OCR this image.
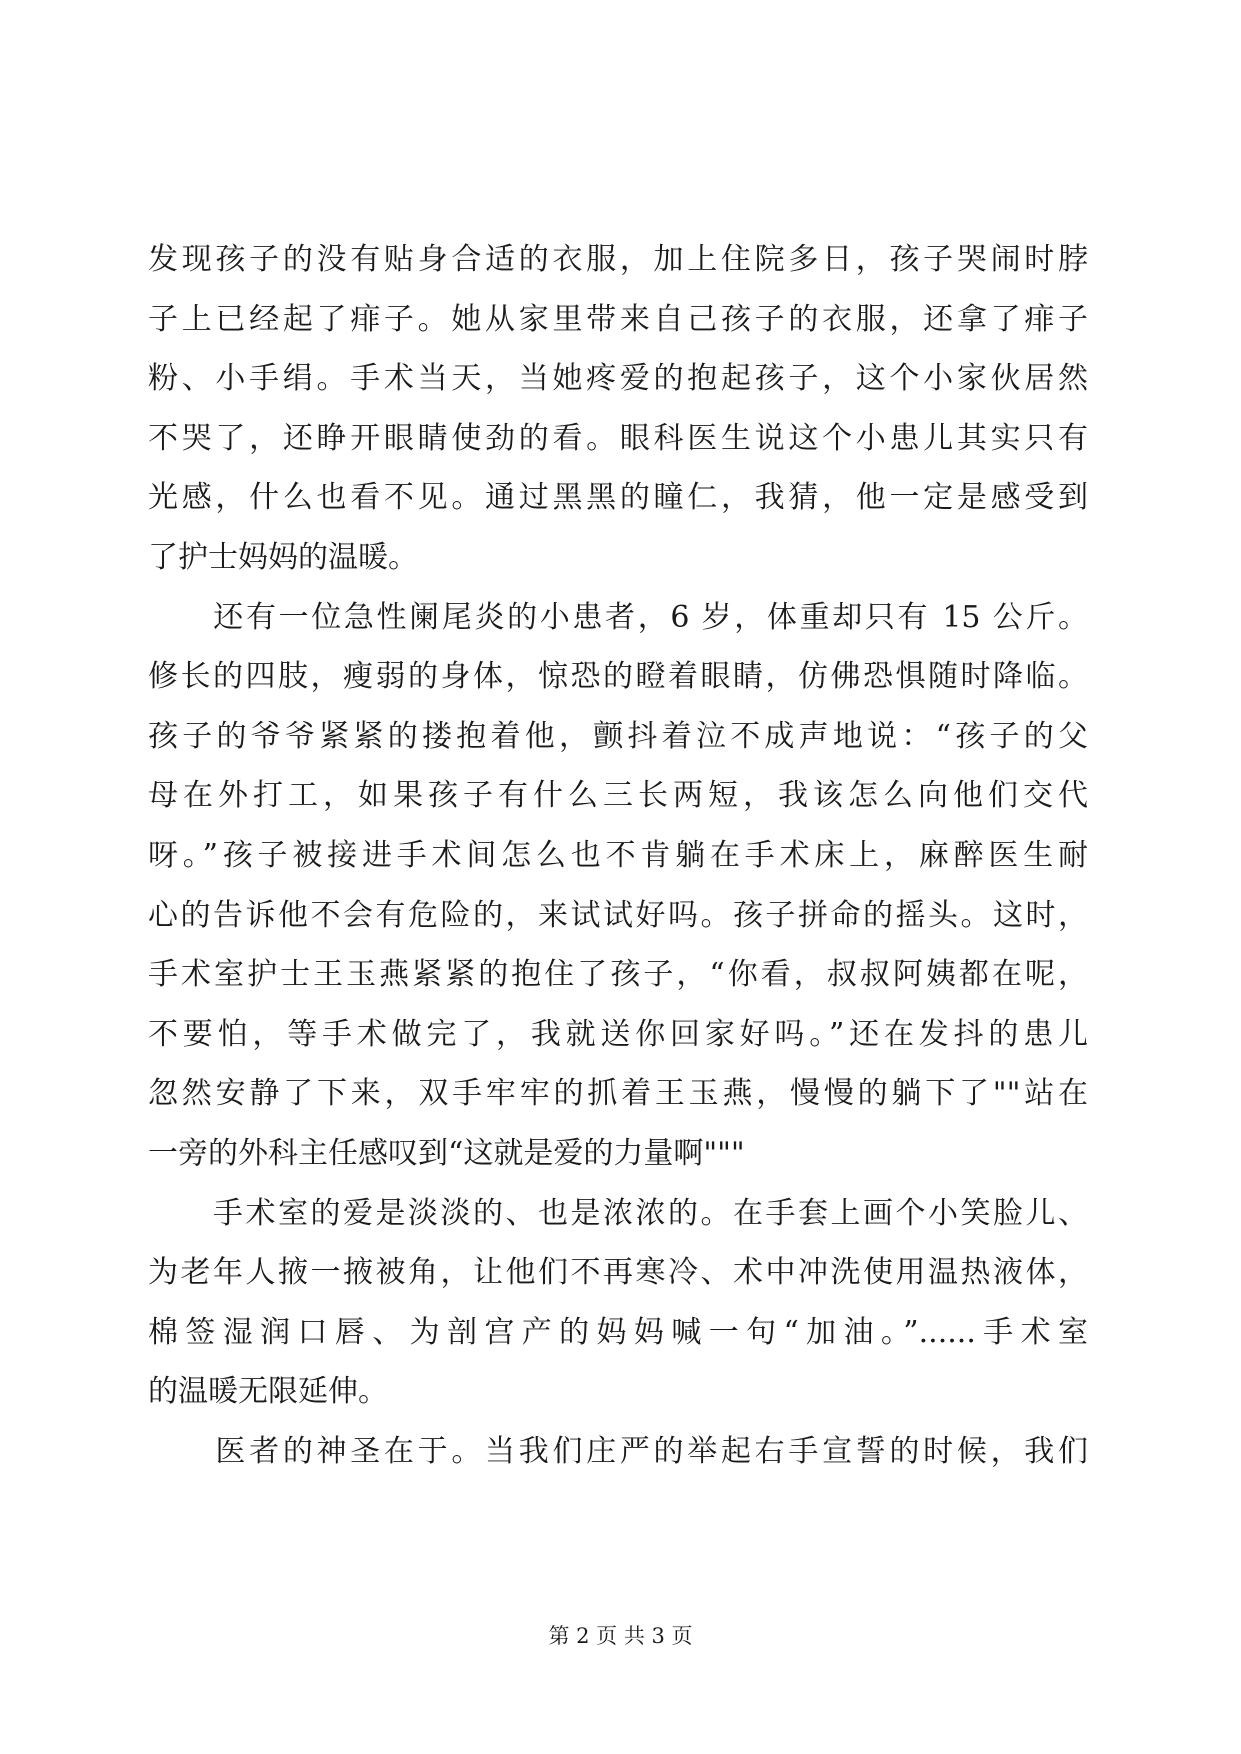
发现孩子的没有贴身合适的衣服，加上住院多日，孩子哭闹时脖
子上已经起了痱子。她从家里带来自己孩子的衣服，还拿了痱子
粉、小手绢。手术当天，当她疼爱的抱起孩子，这个小家伙居然
不哭了，还睁开眼睛使劲的看。眼科医生说这个小患儿其实只有
光感，什么也看不见。通过黑黑的瞳仁，我猜，他一定是感受到
了护士妈妈的温暖。
　　还有一位急性阑尾炎的小患者，6 岁，体重却只有 15 公斤。
修长的四肢，瘦弱的身体，惊恐的瞪着眼睛，仿佛恐惧随时降临。
孩子的爷爷紧紧的搂抱着他，颤抖着泣不成声地说：“孩子的父
母在外打工，如果孩子有什么三长两短，我该怎么向他们交代
呀。”孩子被接进手术间怎么也不肯躺在手术床上，麻醉医生耐
心的告诉他不会有危险的，来试试好吗。孩子拼命的摇头。这时，
手术室护士王玉燕紧紧的抱住了孩子，“你看，叔叔阿姨都在呢，
不要怕，等手术做完了，我就送你回家好吗。”还在发抖的患儿
忽然安静了下来，双手牢牢的抓着王玉燕，慢慢的躺下了""站在
一旁的外科主任感叹到“这就是爱的力量啊"""
　　手术室的爱是淡淡的、也是浓浓的。在手套上画个小笑脸儿、
为老年人掖一掖被角，让他们不再寒冷、术中冲洗使用温热液体，
棉签湿润口唇、为剖宫产的妈妈喊一句“加油。”......手术室
的温暖无限延伸。
　　医者的神圣在于。当我们庄严的举起右手宣誓的时候，我们
第 2 页 共 3 页
